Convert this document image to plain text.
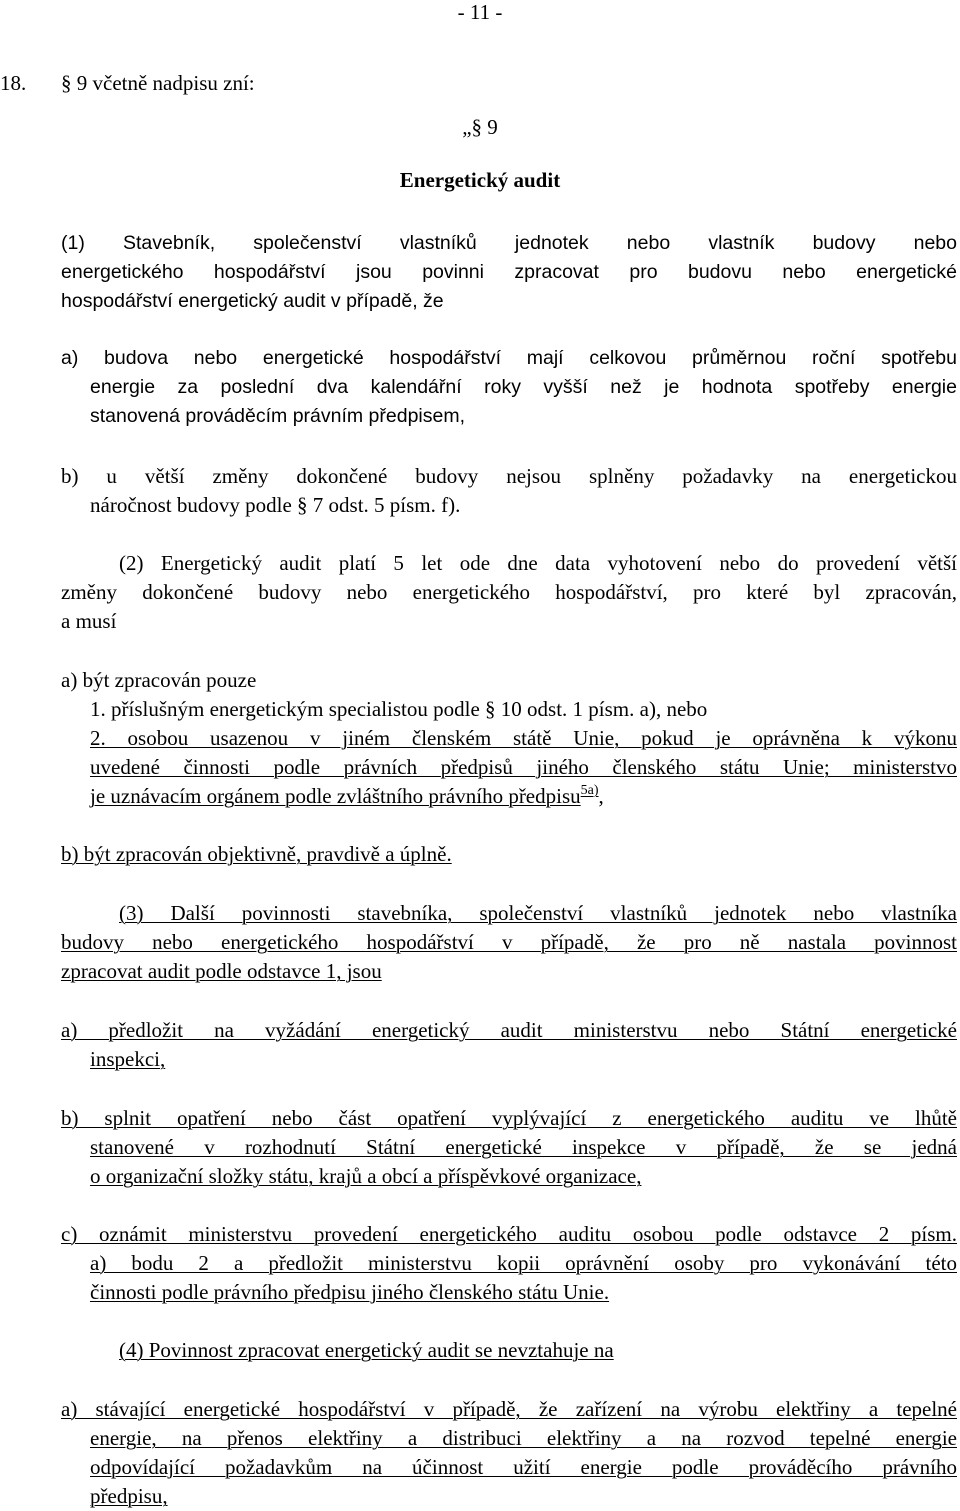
- 11 -
18. § 9 včetně nadpisu zní:
„§ 9
Energetický audit
(1) Stavebník, společenství vlastníků jednotek nebo vlastník budovy nebo
energetického hospodářství jsou povinni zpracovat pro budovu nebo energetické
hospodářství energetický audit v případě, že
a) budova nebo energetické hospodářství mají celkovou průměrnou roční spotřebu
energie za poslední dva kalendářní roky vyšší než je hodnota spotřeby energie
stanovená prováděcím právním předpisem,
b) u větší změny dokončené budovy nejsou splněny požadavky na energetickou
náročnost budovy podle § 7 odst. 5 písm. f).
(2) Energetický audit platí 5 let ode dne data vyhotovení nebo do provedení větší
změny dokončené budovy nebo energetického hospodářství, pro které byl zpracován,
a musí
a) být zpracován pouze
1. příslušným energetickým specialistou podle § 10 odst. 1 písm. a), nebo
2. osobou usazenou v jiném členském státě Unie, pokud je oprávněna k výkonu
uvedené činnosti podle právních předpisů jiného členského státu Unie; ministerstvo
je uznávacím orgánem podle zvláštního právního předpisu$^{5a)}$,
b) být zpracován objektivně, pravdivě a úplně.
(3) Další povinnosti stavebníka, společenství vlastníků jednotek nebo vlastníka
budovy nebo energetického hospodářství v případě, že pro ně nastala povinnost
zpracovat audit podle odstavce 1, jsou
a) předložit na vyžádání energetický audit ministerstvu nebo Státní energetické
inspekci,
b) splnit opatření nebo část opatření vyplývající z energetického auditu ve lhůtě
stanovené v rozhodnutí Státní energetické inspekce v případě, že se jedná
o organizační složky státu, krajů a obcí a příspěvkové organizace,
c) oznámit ministerstvu provedení energetického auditu osobou podle odstavce 2 písm.
a) bodu 2 a předložit ministerstvu kopii oprávnění osoby pro vykonávání této
činnosti podle právního předpisu jiného členského státu Unie.
(4) Povinnost zpracovat energetický audit se nevztahuje na
a) stávající energetické hospodářství v případě, že zařízení na výrobu elektřiny a tepelné
energie, na přenos elektřiny a distribuci elektřiny a na rozvod tepelné energie
odpovídající požadavkům na účinnost užití energie podle prováděcího právního
předpisu,
